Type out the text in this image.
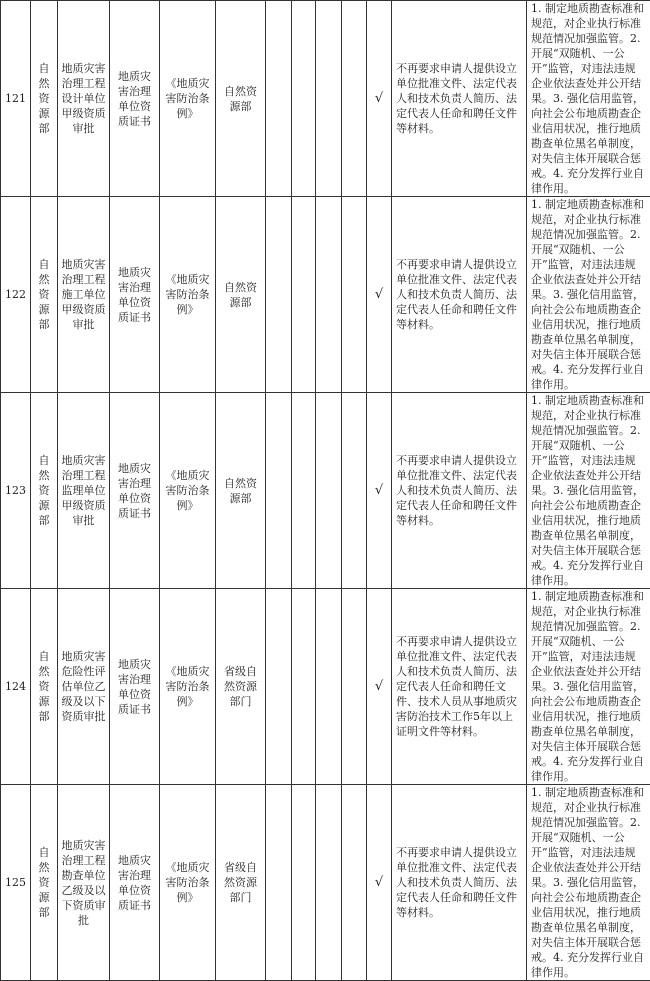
121	自然资源部	地质灾害治理工程设计单位甲级资质审批	地质灾害治理单位资质证书	《地质灾害防治条例》	自然资源部					√	不再要求申请人提供设立单位批准文件、法定代表人和技术负责人简历、法定代表人任命和聘任文件等材料。	1. 制定地质勘查标准和规范，对企业执行标准规范情况加强监管。2. 开展“双随机、一公开”监管，对违法违规企业依法查处并公开结果。3. 强化信用监管，向社会公布地质勘查企业信用状况，推行地质勘查单位黑名单制度，对失信主体开展联合惩戒。4. 充分发挥行业自律作用。
122	自然资源部	地质灾害治理工程施工单位甲级资质审批	地质灾害治理单位资质证书	《地质灾害防治条例》	自然资源部					√	不再要求申请人提供设立单位批准文件、法定代表人和技术负责人简历、法定代表人任命和聘任文件等材料。	1. 制定地质勘查标准和规范，对企业执行标准规范情况加强监管。2. 开展“双随机、一公开”监管，对违法违规企业依法查处并公开结果。3. 强化信用监管，向社会公布地质勘查企业信用状况，推行地质勘查单位黑名单制度，对失信主体开展联合惩戒。4. 充分发挥行业自律作用。
123	自然资源部	地质灾害治理工程监理单位甲级资质审批	地质灾害治理单位资质证书	《地质灾害防治条例》	自然资源部					√	不再要求申请人提供设立单位批准文件、法定代表人和技术负责人简历、法定代表人任命和聘任文件等材料。	1. 制定地质勘查标准和规范，对企业执行标准规范情况加强监管。2. 开展“双随机、一公开”监管，对违法违规企业依法查处并公开结果。3. 强化信用监管，向社会公布地质勘查企业信用状况，推行地质勘查单位黑名单制度，对失信主体开展联合惩戒。4. 充分发挥行业自律作用。
124	自然资源部	地质灾害危险性评估单位乙级及以下资质审批	地质灾害治理单位资质证书	《地质灾害防治条例》	省级自然资源部门					√	不再要求申请人提供设立单位批准文件、法定代表人和技术负责人简历、法定代表人任命和聘任文件、技术人员从事地质灾害防治技术工作5年以上证明文件等材料。	1. 制定地质勘查标准和规范，对企业执行标准规范情况加强监管。2. 开展“双随机、一公开”监管，对违法违规企业依法查处并公开结果。3. 强化信用监管，向社会公布地质勘查企业信用状况，推行地质勘查单位黑名单制度，对失信主体开展联合惩戒。4. 充分发挥行业自律作用。
125	自然资源部	地质灾害治理工程勘查单位乙级及以下资质审批	地质灾害治理单位资质证书	《地质灾害防治条例》	省级自然资源部门					√	不再要求申请人提供设立单位批准文件、法定代表人和技术负责人简历、法定代表人任命和聘任文件等材料。	1. 制定地质勘查标准和规范，对企业执行标准规范情况加强监管。2. 开展“双随机、一公开”监管，对违法违规企业依法查处并公开结果。3. 强化信用监管，向社会公布地质勘查企业信用状况，推行地质勘查单位黑名单制度，对失信主体开展联合惩戒。4. 充分发挥行业自律作用。
